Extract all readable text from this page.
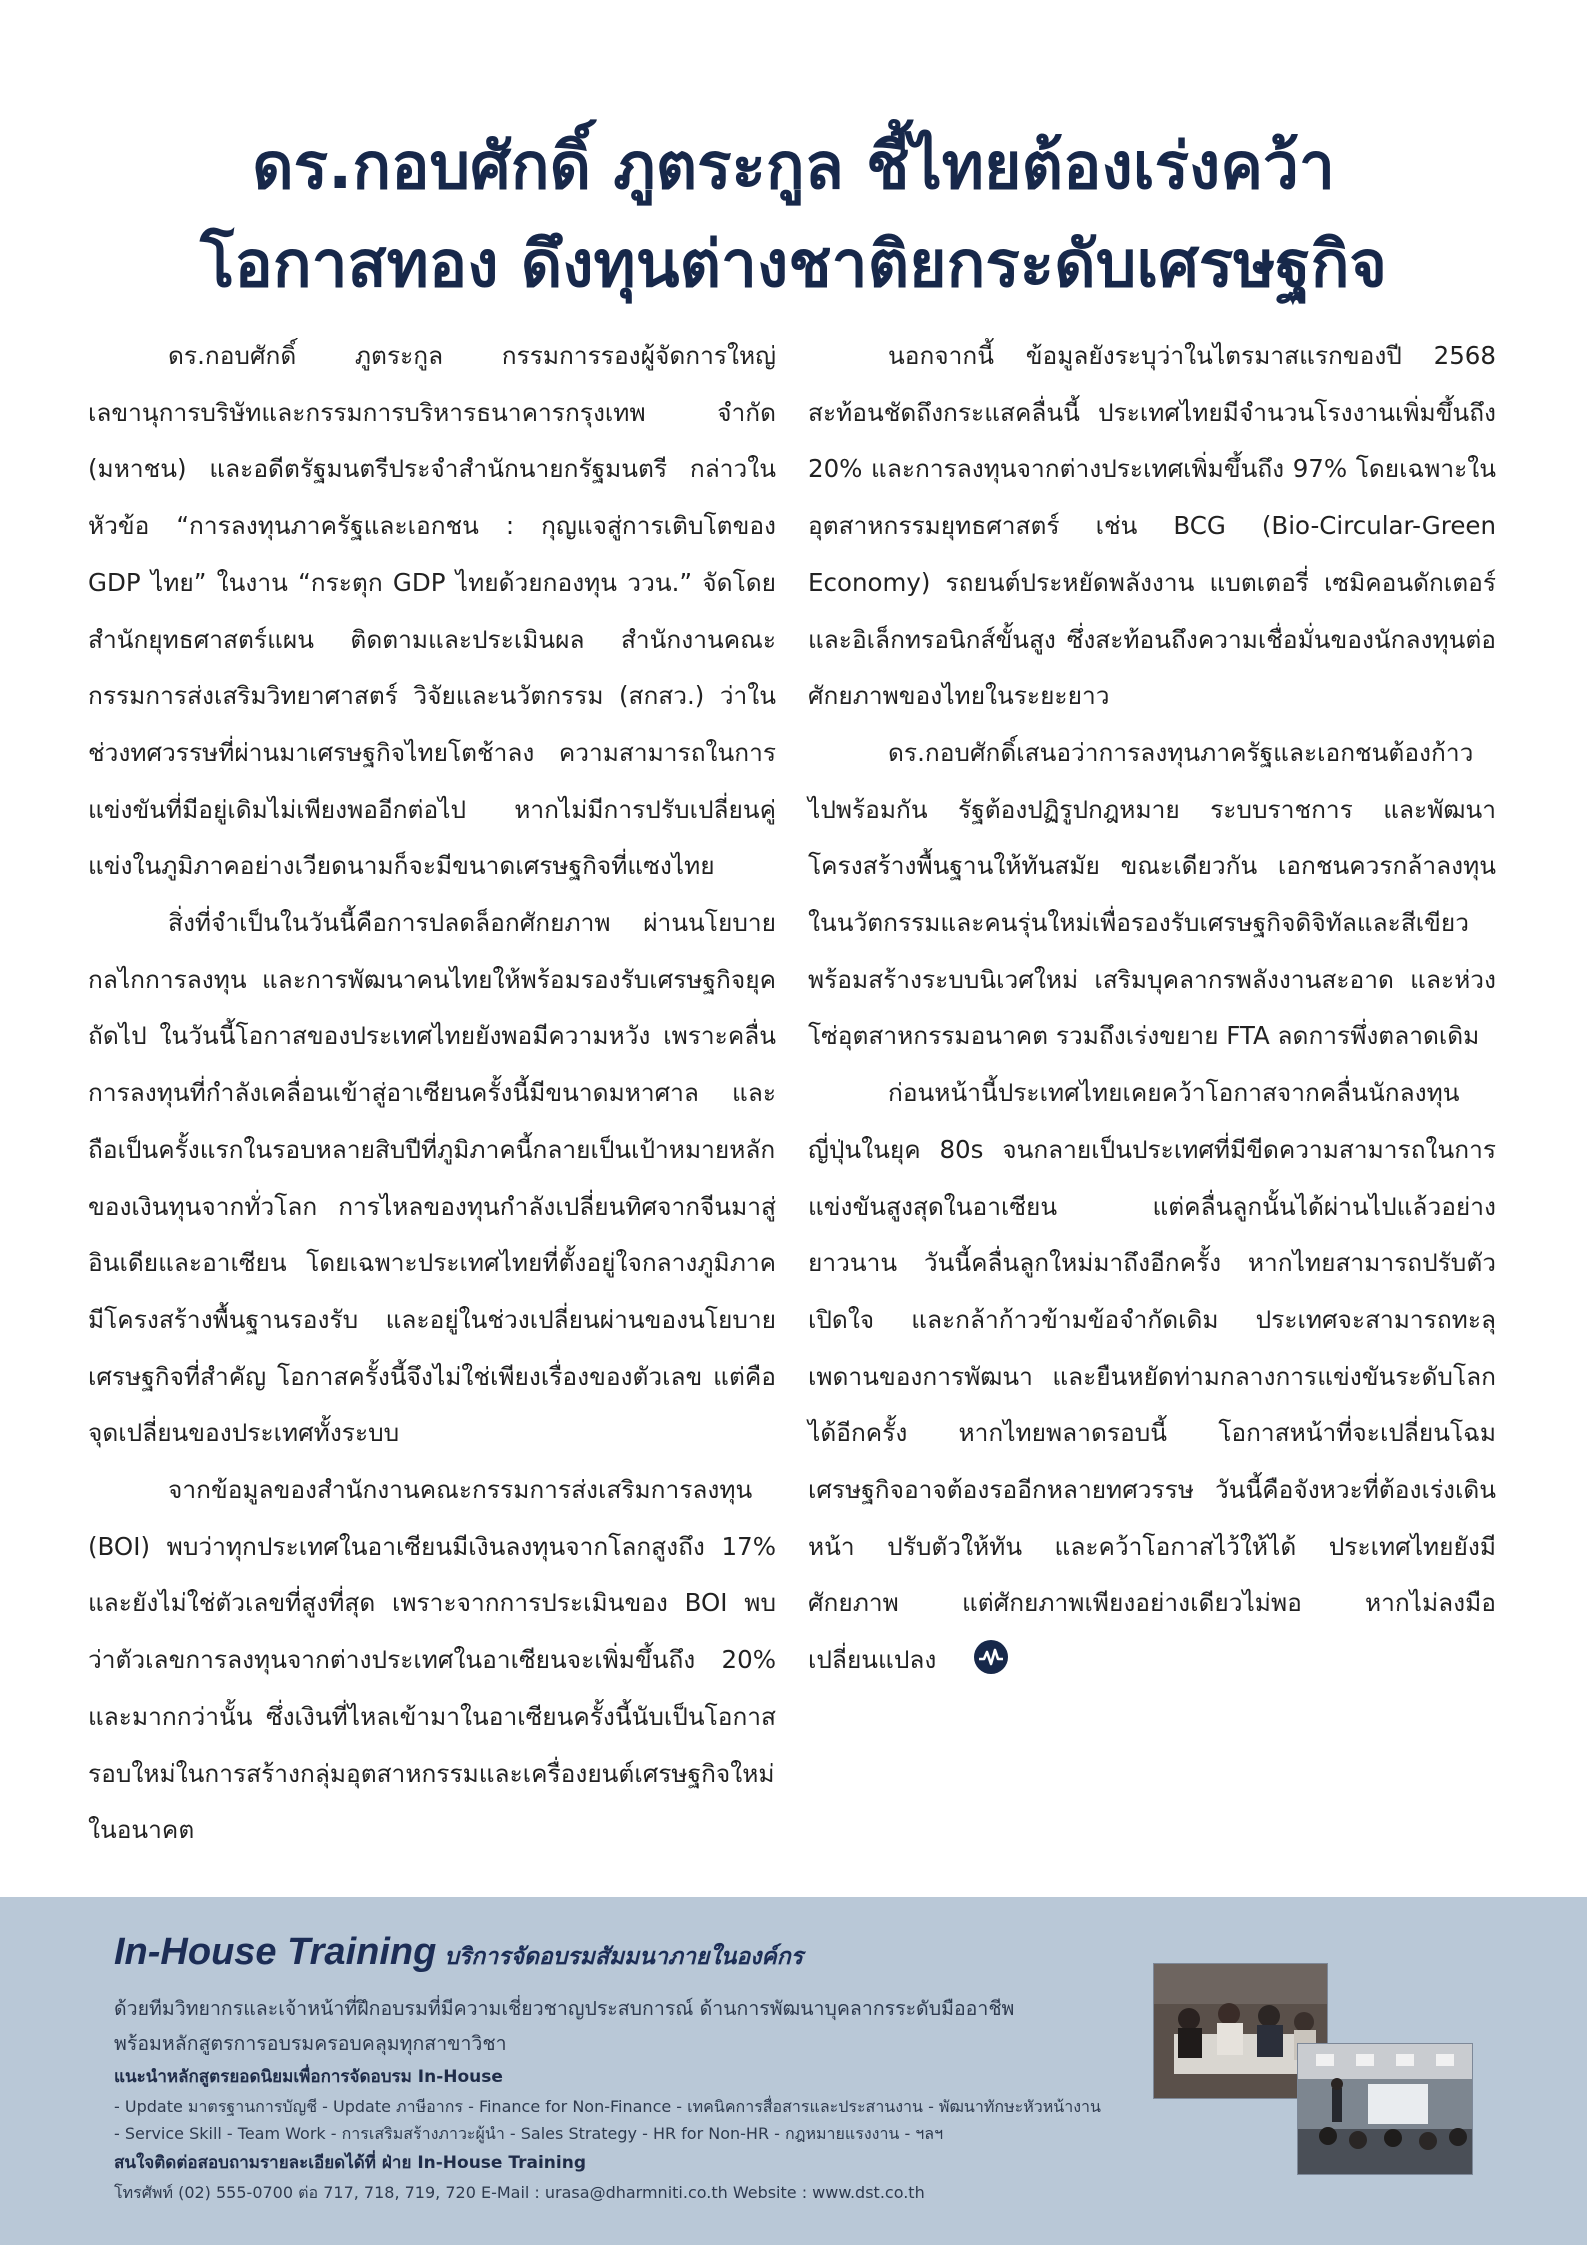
ดร.กอบศักดิ์ ภูตระกูล ชี้ไทยต้องเร่งคว้า
โอกาสทอง ดึงทุนต่างชาติยกระดับเศรษฐกิจ

ดร.กอบศักดิ์ ภูตระกูล กรรมการรองผู้จัดการใหญ่ เลขานุการบริษัทและกรรมการบริหารธนาคารกรุงเทพ จำกัด (มหาชน) และอดีตรัฐมนตรีประจำสำนักนายกรัฐมนตรี กล่าวในหัวข้อ “การลงทุนภาครัฐและเอกชน : กุญแจสู่การเติบโตของ GDP ไทย” ในงาน “กระตุก GDP ไทยด้วยกองทุน ววน.” จัดโดย สำนักยุทธศาสตร์แผน ติดตามและประเมินผล สำนักงานคณะกรรมการส่งเสริมวิทยาศาสตร์ วิจัยและนวัตกรรม (สกสว.) ว่าในช่วงทศวรรษที่ผ่านมาเศรษฐกิจไทยโตช้าลง ความสามารถในการแข่งขันที่มีอยู่เดิมไม่เพียงพออีกต่อไป หากไม่มีการปรับเปลี่ยนคู่แข่งในภูมิภาคอย่างเวียดนามก็จะมีขนาดเศรษฐกิจที่แซงไทย

สิ่งที่จำเป็นในวันนี้คือการปลดล็อกศักยภาพ ผ่านนโยบายกลไกการลงทุน และการพัฒนาคนไทยให้พร้อมรองรับเศรษฐกิจยุคถัดไป ในวันนี้โอกาสของประเทศไทยยังพอมีความหวัง เพราะคลื่นการลงทุนที่กำลังเคลื่อนเข้าสู่อาเซียนครั้งนี้มีขนาดมหาศาล และถือเป็นครั้งแรกในรอบหลายสิบปีที่ภูมิภาคนี้กลายเป็นเป้าหมายหลักของเงินทุนจากทั่วโลก การไหลของทุนกำลังเปลี่ยนทิศจากจีนมาสู่อินเดียและอาเซียน โดยเฉพาะประเทศไทยที่ตั้งอยู่ใจกลางภูมิภาค มีโครงสร้างพื้นฐานรองรับ และอยู่ในช่วงเปลี่ยนผ่านของนโยบายเศรษฐกิจที่สำคัญ โอกาสครั้งนี้จึงไม่ใช่เพียงเรื่องของตัวเลข แต่คือจุดเปลี่ยนของประเทศทั้งระบบ

จากข้อมูลของสำนักงานคณะกรรมการส่งเสริมการลงทุน (BOI) พบว่าทุกประเทศในอาเซียนมีเงินลงทุนจากโลกสูงถึง 17% และยังไม่ใช่ตัวเลขที่สูงที่สุด เพราะจากการประเมินของ BOI พบว่าตัวเลขการลงทุนจากต่างประเทศในอาเซียนจะเพิ่มขึ้นถึง 20% และมากกว่านั้น ซึ่งเงินที่ไหลเข้ามาในอาเซียนครั้งนี้นับเป็นโอกาสรอบใหม่ในการสร้างกลุ่มอุตสาหกรรมและเครื่องยนต์เศรษฐกิจใหม่ในอนาคต

นอกจากนี้ ข้อมูลยังระบุว่าในไตรมาสแรกของปี 2568 สะท้อนชัดถึงกระแสคลื่นนี้ ประเทศไทยมีจำนวนโรงงานเพิ่มขึ้นถึง 20% และการลงทุนจากต่างประเทศเพิ่มขึ้นถึง 97% โดยเฉพาะในอุตสาหกรรมยุทธศาสตร์ เช่น BCG (Bio-Circular-Green Economy) รถยนต์ประหยัดพลังงาน แบตเตอรี่ เซมิคอนดักเตอร์ และอิเล็กทรอนิกส์ขั้นสูง ซึ่งสะท้อนถึงความเชื่อมั่นของนักลงทุนต่อศักยภาพของไทยในระยะยาว

ดร.กอบศักดิ์เสนอว่าการลงทุนภาครัฐและเอกชนต้องก้าวไปพร้อมกัน รัฐต้องปฏิรูปกฎหมาย ระบบราชการ และพัฒนาโครงสร้างพื้นฐานให้ทันสมัย ขณะเดียวกัน เอกชนควรกล้าลงทุนในนวัตกรรมและคนรุ่นใหม่เพื่อรองรับเศรษฐกิจดิจิทัลและสีเขียว พร้อมสร้างระบบนิเวศใหม่ เสริมบุคลากรพลังงานสะอาด และห่วงโซ่อุตสาหกรรมอนาคต รวมถึงเร่งขยาย FTA ลดการพึ่งตลาดเดิม

ก่อนหน้านี้ประเทศไทยเคยคว้าโอกาสจากคลื่นนักลงทุนญี่ปุ่นในยุค 80s จนกลายเป็นประเทศที่มีขีดความสามารถในการแข่งขันสูงสุดในอาเซียน แต่คลื่นลูกนั้นได้ผ่านไปแล้วอย่างยาวนาน วันนี้คลื่นลูกใหม่มาถึงอีกครั้ง หากไทยสามารถปรับตัว เปิดใจ และกล้าก้าวข้ามข้อจำกัดเดิม ประเทศจะสามารถทะลุเพดานของการพัฒนา และยืนหยัดท่ามกลางการแข่งขันระดับโลกได้อีกครั้ง หากไทยพลาดรอบนี้ โอกาสหน้าที่จะเปลี่ยนโฉมเศรษฐกิจอาจต้องรออีกหลายทศวรรษ วันนี้คือจังหวะที่ต้องเร่งเดินหน้า ปรับตัวให้ทัน และคว้าโอกาสไว้ให้ได้ ประเทศไทยยังมีศักยภาพ แต่ศักยภาพเพียงอย่างเดียวไม่พอ หากไม่ลงมือเปลี่ยนแปลง

In-House Training บริการจัดอบรมสัมมนาภายในองค์กร
ด้วยทีมวิทยากรและเจ้าหน้าที่ฝึกอบรมที่มีความเชี่ยวชาญประสบการณ์ ด้านการพัฒนาบุคลากรระดับมืออาชีพ
พร้อมหลักสูตรการอบรมครอบคลุมทุกสาขาวิชา
แนะนำหลักสูตรยอดนิยมเพื่อการจัดอบรม In-House
- Update มาตรฐานการบัญชี - Update ภาษีอากร - Finance for Non-Finance - เทคนิคการสื่อสารและประสานงาน - พัฒนาทักษะหัวหน้างาน
- Service Skill - Team Work - การเสริมสร้างภาวะผู้นำ - Sales Strategy - HR for Non-HR - กฎหมายแรงงาน - ฯลฯ
สนใจติดต่อสอบถามรายละเอียดได้ที่ ฝ่าย In-House Training
โทรศัพท์ (02) 555-0700 ต่อ 717, 718, 719, 720 E-Mail : urasa@dharmniti.co.th Website : www.dst.co.th
